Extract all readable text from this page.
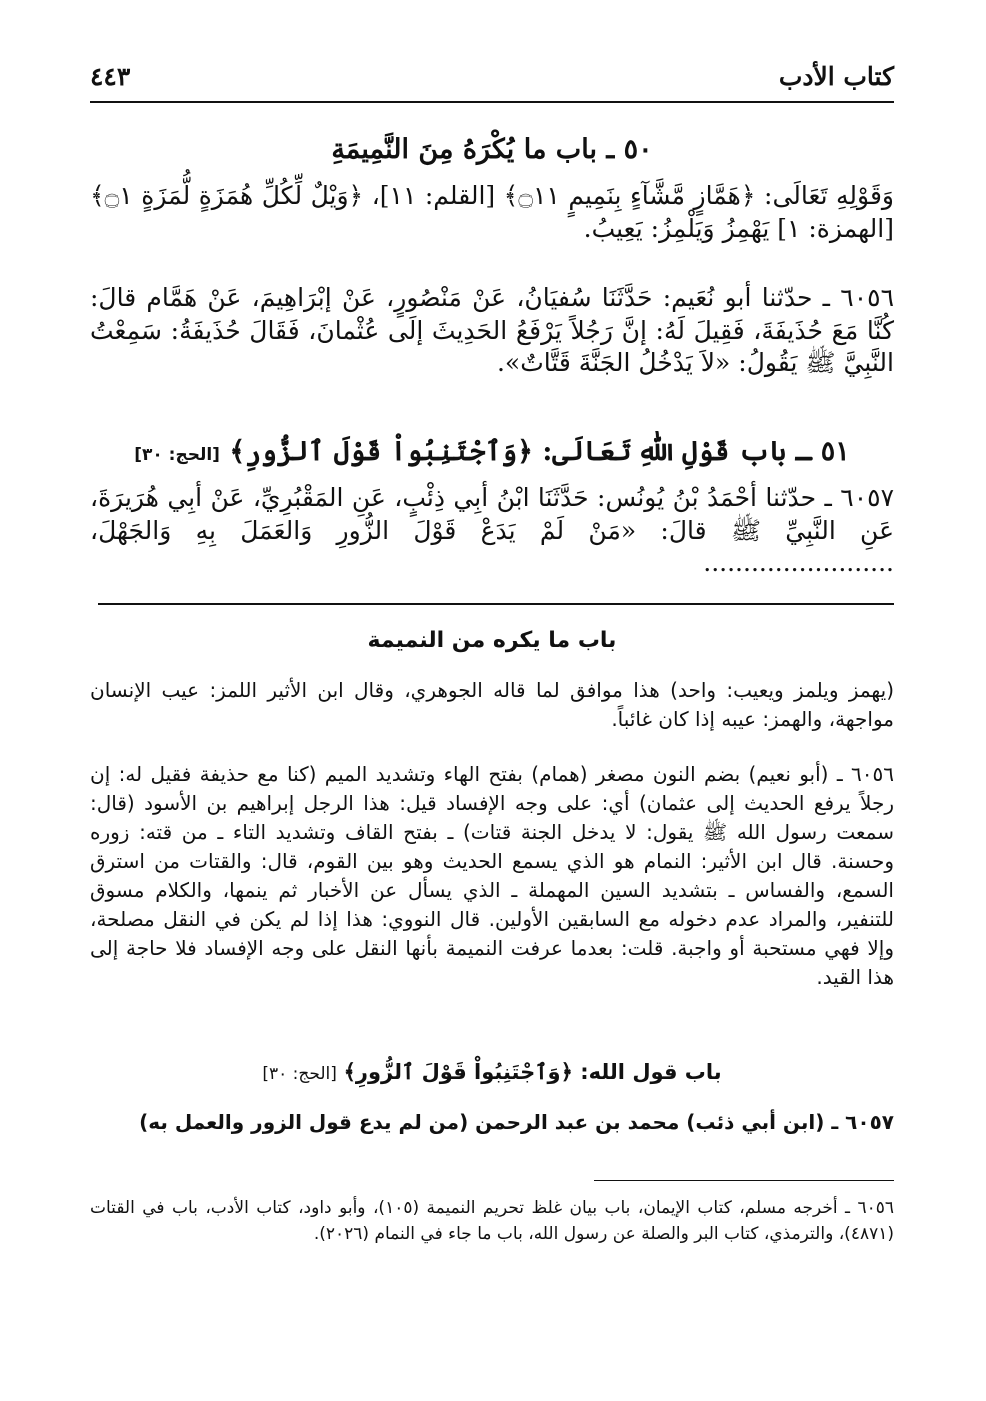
كتاب الأدب
٤٤٣
٥٠ ـ باب ما يُكْرَهُ مِنَ النَّمِيمَةِ

وَقَوْلِهِ تَعَالَى: ﴿هَمَّازٍ مَّشَّآءٍ بِنَمِيمٍ ۝١١﴾ [القلم: ١١]، ﴿وَيْلٌ لِّكُلِّ هُمَزَةٍ لُّمَزَةٍ ۝١﴾ [الهمزة: ١] يَهْمِزُ وَيَلْمِزُ: يَعِيبُ.

٦٠٥٦ ـ حدّثنا أبو نُعَيم: حَدَّثَنَا سُفيَانُ، عَنْ مَنْصُورٍ، عَنْ إبْرَاهِيمَ، عَنْ هَمَّام قالَ: كُنَّا مَعَ حُذَيفَةَ، فَقِيلَ لَهُ: إنَّ رَجُلاً يَرْفَعُ الحَدِيثَ إلَى عُثْمانَ، فَقَالَ حُذَيفَةُ: سَمِعْتُ النَّبِيَّ ﷺ يَقُولُ: «لاَ يَدْخُلُ الجَنَّةَ قَتَّاتٌ».

٥١ ـ باب قَوْلِ اللّٰهِ تَعَالَى: ﴿وَٱجْتَنِبُواْ قَوْلَ ٱلزُّورِ﴾ [الحج: ٣٠]

٦٠٥٧ ـ حدّثنا أحْمَدُ بْنُ يُونُس: حَدَّثَنَا ابْنُ أبِي ذِئْبٍ، عَنِ المَقْبُرِيِّ، عَنْ أبِي هُرَيرَةَ، عَنِ النَّبِيِّ ﷺ قالَ: «مَنْ لَمْ يَدَعْ قَوْلَ الزُّورِ وَالعَمَلَ بِهِ وَالجَهْلَ، ........................

باب ما يكره من النميمة

(يهمز ويلمز ويعيب: واحد) هذا موافق لما قاله الجوهري، وقال ابن الأثير اللمز: عيب الإنسان مواجهة، والهمز: عيبه إذا كان غائباً.

٦٠٥٦ ـ (أبو نعيم) بضم النون مصغر (همام) بفتح الهاء وتشديد الميم (كنا مع حذيفة فقيل له: إن رجلاً يرفع الحديث إلى عثمان) أي: على وجه الإفساد قيل: هذا الرجل إبراهيم بن الأسود (قال: سمعت رسول الله ﷺ يقول: لا يدخل الجنة قتات) ـ بفتح القاف وتشديد التاء ـ من قته: زوره وحسنة. قال ابن الأثير: النمام هو الذي يسمع الحديث وهو بين القوم، قال: والقتات من استرق السمع، والفساس ـ بتشديد السين المهملة ـ الذي يسأل عن الأخبار ثم ينمها، والكلام مسوق للتنفير، والمراد عدم دخوله مع السابقين الأولين. قال النووي: هذا إذا لم يكن في النقل مصلحة، وإلا فهي مستحبة أو واجبة. قلت: بعدما عرفت النميمة بأنها النقل على وجه الإفساد فلا حاجة إلى هذا القيد.

باب قول الله: ﴿وَٱجْتَنِبُواْ قَوْلَ ٱلزُّورِ﴾ [الحج: ٣٠]

٦٠٥٧ ـ (ابن أبي ذئب) محمد بن عبد الرحمن (من لم يدع قول الزور والعمل به)

٦٠٥٦ ـ أخرجه مسلم، كتاب الإيمان، باب بيان غلظ تحريم النميمة (١٠٥)، وأبو داود، كتاب الأدب، باب في القتات (٤٨٧١)، والترمذي، كتاب البر والصلة عن رسول الله، باب ما جاء في النمام (٢٠٢٦).
